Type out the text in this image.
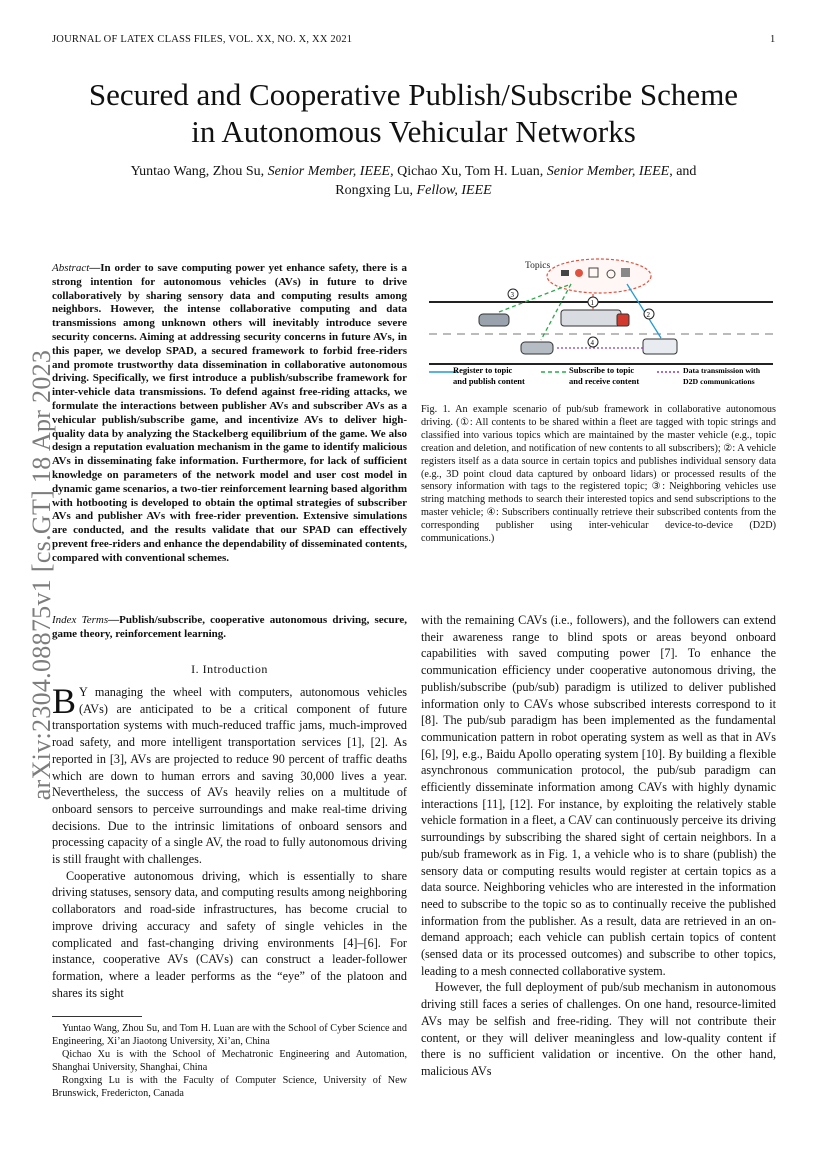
JOURNAL OF LATEX CLASS FILES, VOL. XX, NO. X, XX 2021	1
arXiv:2304.08875v1 [cs.GT] 18 Apr 2023
Secured and Cooperative Publish/Subscribe Scheme
in Autonomous Vehicular Networks
Yuntao Wang, Zhou Su, Senior Member, IEEE, Qichao Xu, Tom H. Luan, Senior Member, IEEE, and
Rongxing Lu, Fellow, IEEE
Abstract—In order to save computing power yet enhance safety, there is a strong intention for autonomous vehicles (AVs) in future to drive collaboratively by sharing sensory data and computing results among neighbors. However, the intense collaborative computing and data transmissions among unknown others will inevitably introduce severe security concerns. Aiming at addressing security concerns in future AVs, in this paper, we develop SPAD, a secured framework to forbid free-riders and promote trustworthy data dissemination in collaborative autonomous driving. Specifically, we first introduce a publish/subscribe framework for inter-vehicle data transmissions. To defend against free-riding attacks, we formulate the interactions between publisher AVs and subscriber AVs as a vehicular publish/subscribe game, and incentivize AVs to deliver high-quality data by analyzing the Stackelberg equilibrium of the game. We also design a reputation evaluation mechanism in the game to identify malicious AVs in disseminating fake information. Furthermore, for lack of sufficient knowledge on parameters of the network model and user cost model in dynamic game scenarios, a two-tier reinforcement learning based algorithm with hotbooting is developed to obtain the optimal strategies of subscriber AVs and publisher AVs with free-rider prevention. Extensive simulations are conducted, and the results validate that our SPAD can effectively prevent free-riders and enhance the dependability of disseminated contents, compared with conventional schemes.
Index Terms—Publish/subscribe, cooperative autonomous driving, secure, game theory, reinforcement learning.
I. Introduction

B Y managing the wheel with computers, autonomous vehicles (AVs) are anticipated to be a critical component of future transportation systems with much-reduced traffic jams, much-improved road safety, and more intelligent transportation services [1], [2]. As reported in [3], AVs are projected to reduce 90 percent of traffic deaths which are down to human errors and saving 30,000 lives a year. Nevertheless, the success of AVs heavily relies on a multitude of onboard sensors to perceive surroundings and make real-time driving decisions. Due to the intrinsic limitations of onboard sensors and processing capacity of a single AV, the road to fully autonomous driving is still fraught with challenges.

Cooperative autonomous driving, which is essentially to share driving statuses, sensory data, and computing results among neighboring collaborators and road-side infrastructures, has become crucial to improve driving accuracy and safety of single vehicles in the complicated and fast-changing driving environments [4]–[6]. For instance, cooperative AVs (CAVs) can construct a leader-follower formation, where a leader performs as the “eye” of the platoon and shares its sight

Yuntao Wang, Zhou Su, and Tom H. Luan are with the School of Cyber Science and Engineering, Xi’an Jiaotong University, Xi’an, China

Qichao Xu is with the School of Mechatronic Engineering and Automation, Shanghai University, Shanghai, China

Rongxing Lu is with the Faculty of Computer Science, University of New Brunswick, Fredericton, Canada

Topics
1
2
3
4
Register to topic
and publish content
Subscribe to topic
and receive content
Data transmission with
D2D communications
Fig. 1. An example scenario of pub/sub framework in collaborative autonomous driving. (①: All contents to be shared within a fleet are tagged with topic strings and classified into various topics which are maintained by the master vehicle (e.g., topic creation and deletion, and notification of new contents to all subscribers); ②: A vehicle registers itself as a data source in certain topics and publishes individual sensory data (e.g., 3D point cloud data captured by onboard lidars) or processed results of the sensory information with tags to the registered topic; ③: Neighboring vehicles use string matching methods to search their interested topics and send subscriptions to the master vehicle; ④: Subscribers continually retrieve their subscribed contents from the corresponding publisher using inter-vehicular device-to-device (D2D) communications.)

with the remaining CAVs (i.e., followers), and the followers can extend their awareness range to blind spots or areas beyond onboard capabilities with saved computing power [7]. To enhance the communication efficiency under cooperative autonomous driving, the publish/subscribe (pub/sub) paradigm is utilized to deliver published information only to CAVs whose subscribed interests correspond to it [8]. The pub/sub paradigm has been implemented as the fundamental communication pattern in robot operating system as well as that in AVs [6], [9], e.g., Baidu Apollo operating system [10]. By building a flexible asynchronous communication protocol, the pub/sub paradigm can efficiently disseminate information among CAVs with highly dynamic interactions [11], [12]. For instance, by exploiting the relatively stable vehicle formation in a fleet, a CAV can continuously perceive its driving surroundings by subscribing the shared sight of certain neighbors. In a pub/sub framework as in Fig. 1, a vehicle who is to share (publish) the sensory data or computing results would register at certain topics as a data source. Neighboring vehicles who are interested in the information need to subscribe to the topic so as to continually receive the published information from the publisher. As a result, data are retrieved in an on-demand approach; each vehicle can publish certain topics of content (sensed data or its processed outcomes) and subscribe to other topics, leading to a mesh connected collaborative system.

However, the full deployment of pub/sub mechanism in autonomous driving still faces a series of challenges. On one hand, resource-limited AVs may be selfish and free-riding. They will not contribute their content, or they will deliver meaningless and low-quality content if there is no sufficient validation or incentive. On the other hand, malicious AVs
